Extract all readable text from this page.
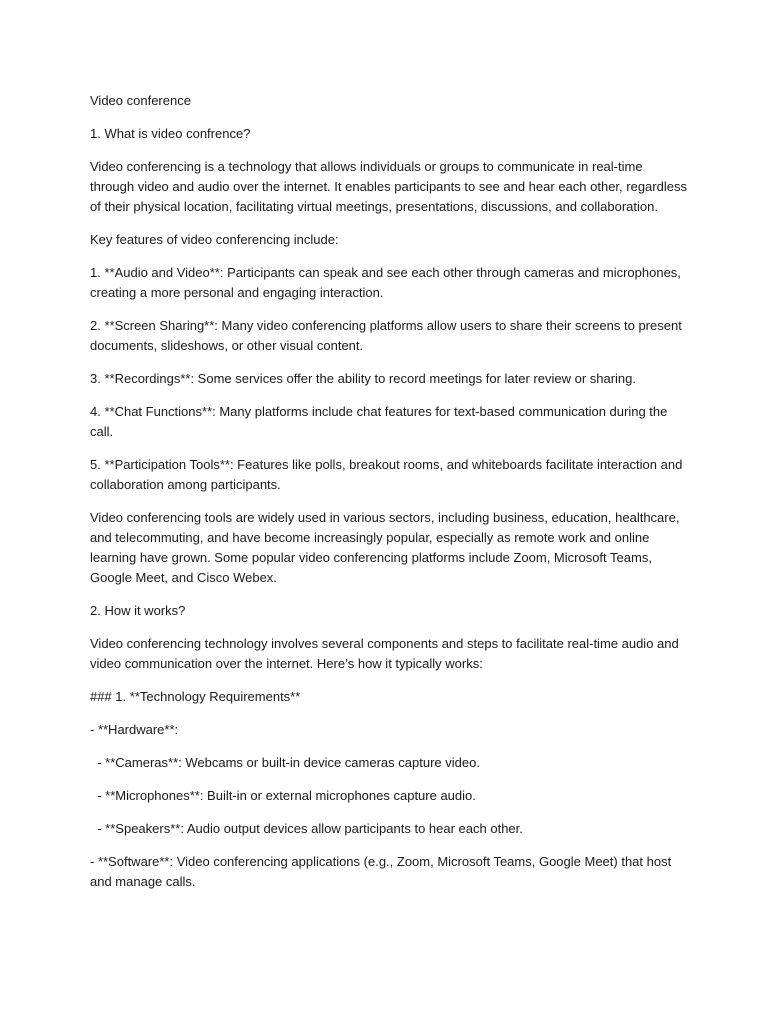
Video conference

1. What is video confrence?

Video conferencing is a technology that allows individuals or groups to communicate in real-time through video and audio over the internet. It enables participants to see and hear each other, regardless of their physical location, facilitating virtual meetings, presentations, discussions, and collaboration.

Key features of video conferencing include:

1. **Audio and Video**: Participants can speak and see each other through cameras and microphones, creating a more personal and engaging interaction.

2. **Screen Sharing**: Many video conferencing platforms allow users to share their screens to present documents, slideshows, or other visual content.

3. **Recordings**: Some services offer the ability to record meetings for later review or sharing.

4. **Chat Functions**: Many platforms include chat features for text-based communication during the call.

5. **Participation Tools**: Features like polls, breakout rooms, and whiteboards facilitate interaction and collaboration among participants.

Video conferencing tools are widely used in various sectors, including business, education, healthcare, and telecommuting, and have become increasingly popular, especially as remote work and online learning have grown. Some popular video conferencing platforms include Zoom, Microsoft Teams, Google Meet, and Cisco Webex.

2. How it works?

Video conferencing technology involves several components and steps to facilitate real-time audio and video communication over the internet. Here’s how it typically works:

### 1. **Technology Requirements**

- **Hardware**:

- **Cameras**: Webcams or built-in device cameras capture video.

- **Microphones**: Built-in or external microphones capture audio.

- **Speakers**: Audio output devices allow participants to hear each other.

- **Software**: Video conferencing applications (e.g., Zoom, Microsoft Teams, Google Meet) that host and manage calls.
